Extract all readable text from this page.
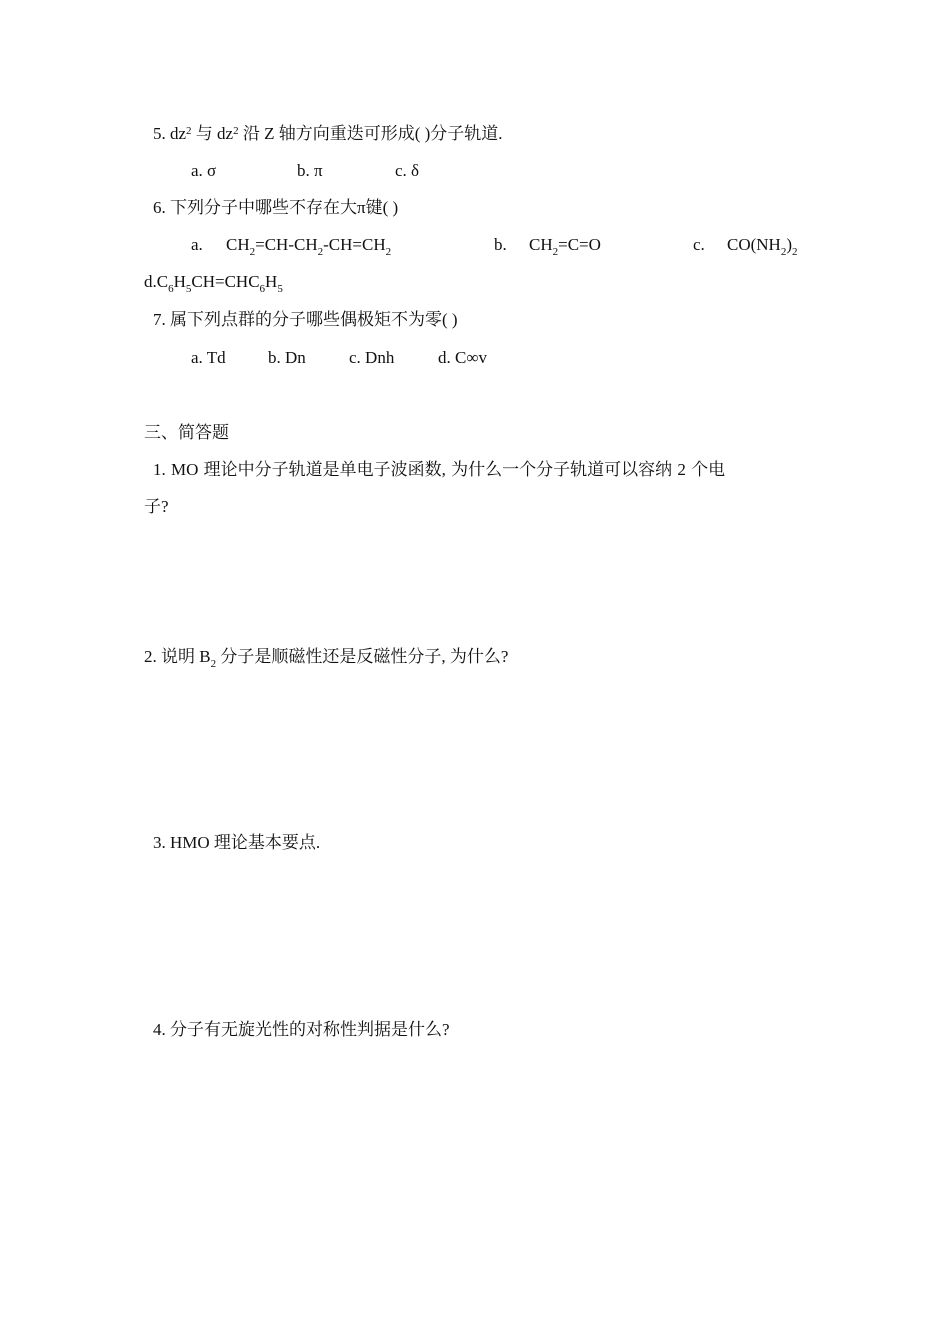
5. $dz^2$ 与 $dz^2$ 沿 Z 轴方向重迭可形成( )分子轨道.
a. σ	b. π	c. δ
6. 下列分子中哪些不存在大π键( )
a. $CH_2=CH-CH_2-CH=CH_2$	b. $CH_2=C=O$	c. $CO(NH_2)_2$
$d.C_6H_5CH=CHC_6H_5$
7. 属下列点群的分子哪些偶极矩不为零( )
a. Td b. Dn	c. Dnh	d. C∞v
三、简答题
1. MO 理论中分子轨道是单电子波函数, 为什么一个分子轨道可以容纳 2 个电
子?
2. 说明 $B_2$ 分子是顺磁性还是反磁性分子, 为什么?
3. HMO 理论基本要点.
4. 分子有无旋光性的对称性判据是什么?
